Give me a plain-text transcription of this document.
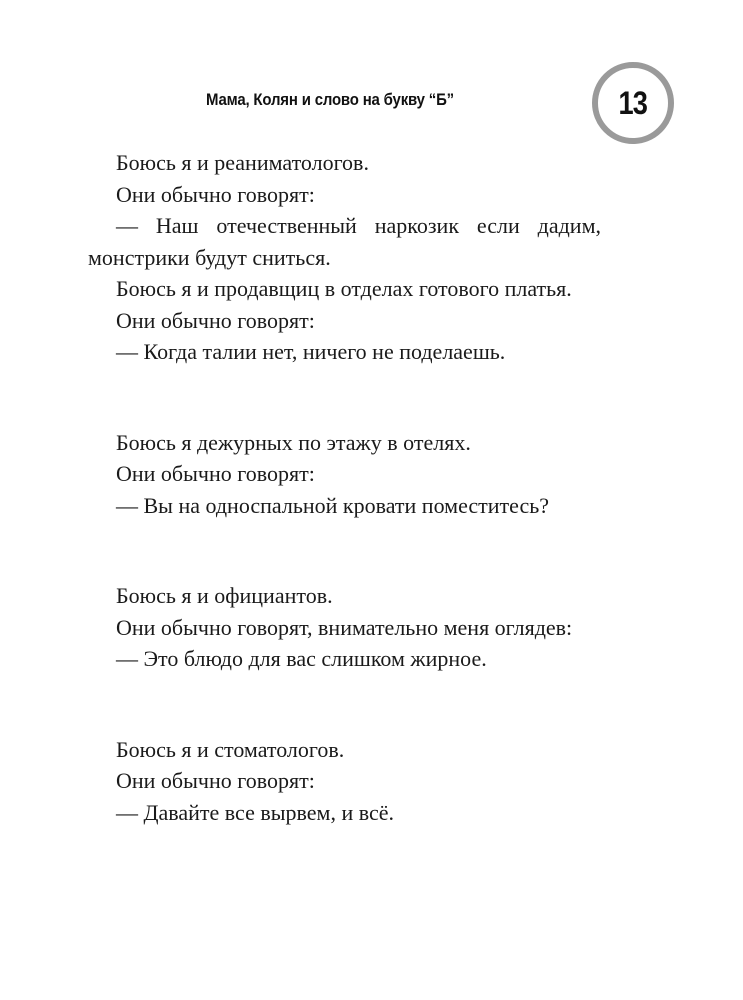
Мама, Колян и слово на букву “Б”	13

Боюсь я и реаниматологов.

Они обычно говорят:

— Наш отечественный наркозик если дадим, монстрики будут сниться.

Боюсь я и продавщиц в отделах готового платья.

Они обычно говорят:

— Когда талии нет, ничего не поделаешь.

Боюсь я дежурных по этажу в отелях.

Они обычно говорят:

— Вы на односпальной кровати поместитесь?

Боюсь я и официантов.

Они обычно говорят, внимательно меня оглядев:

— Это блюдо для вас слишком жирное.

Боюсь я и стоматологов.

Они обычно говорят:

— Давайте все вырвем, и всё.
